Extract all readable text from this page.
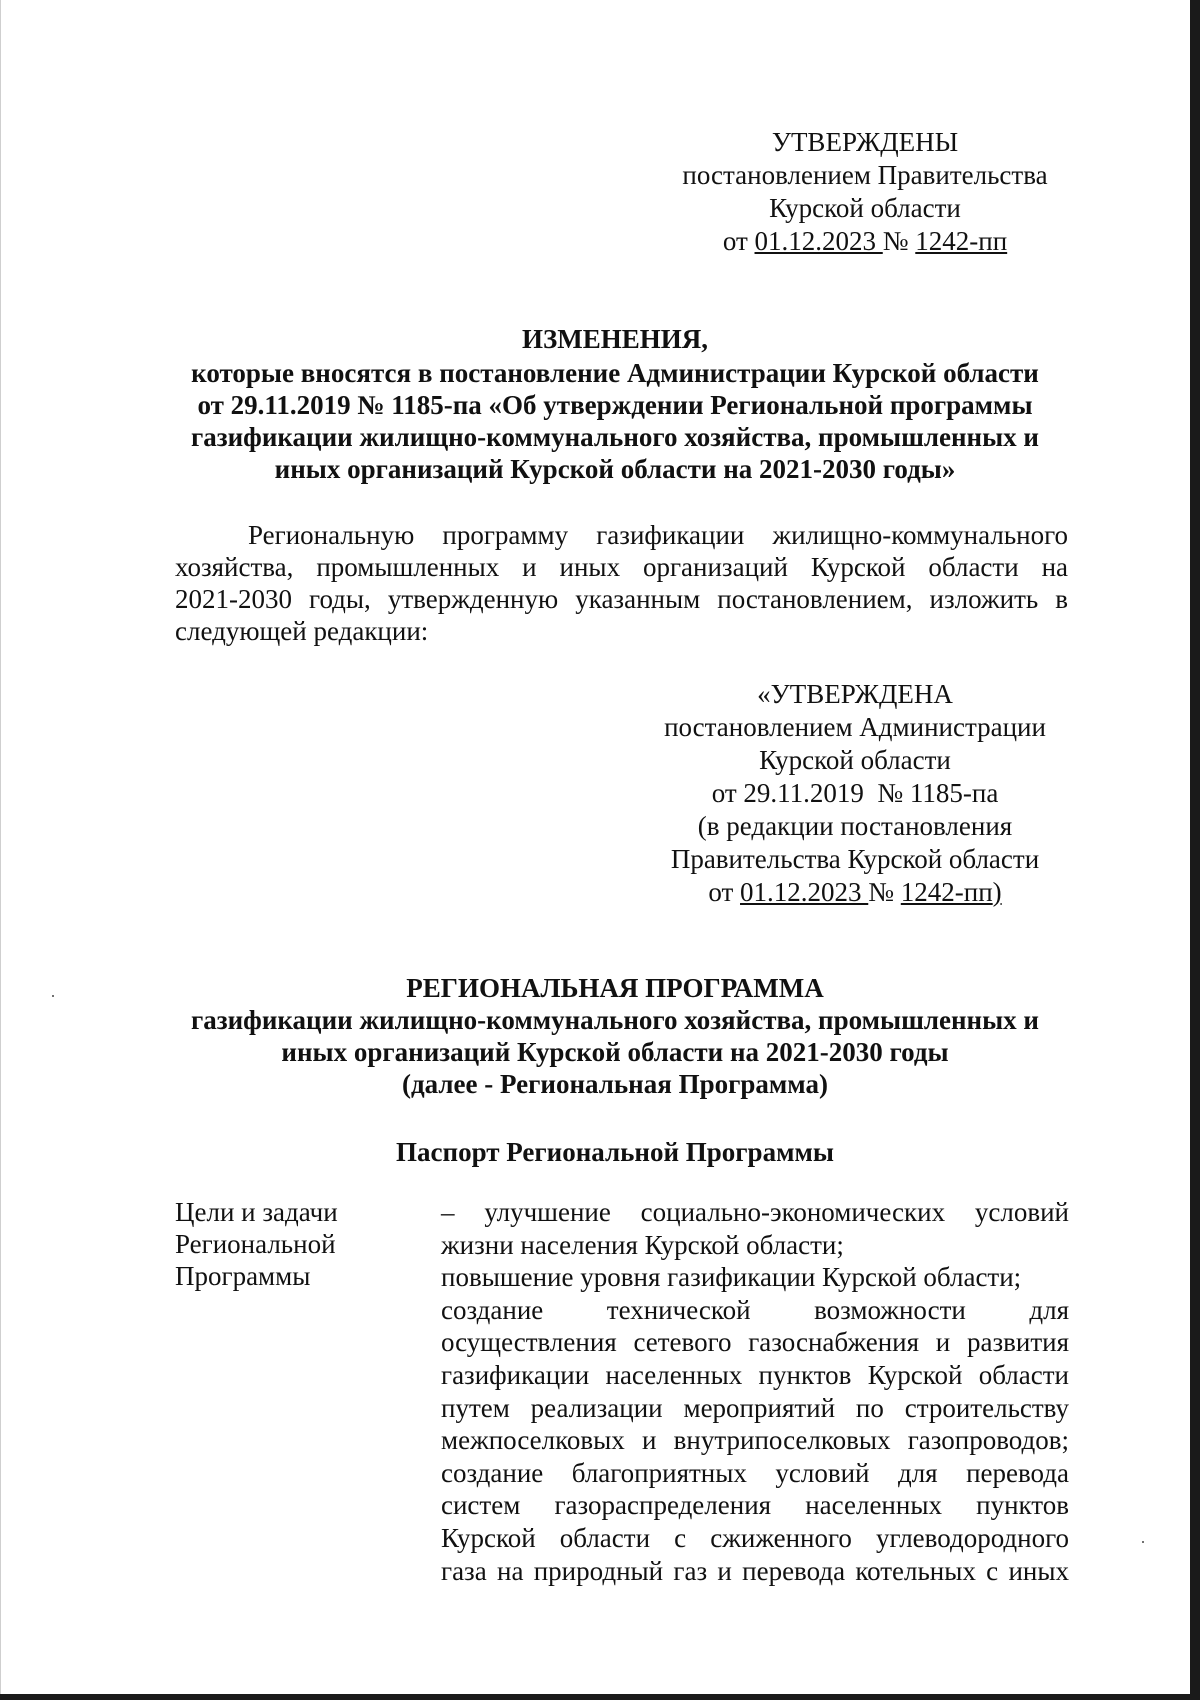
УТВЕРЖДЕНЫ
постановлением Правительства
Курской области
от 01.12.2023 № 1242-пп
ИЗМЕНЕНИЯ,
которые вносятся в постановление Администрации Курской области
от 29.11.2019 № 1185-па «Об утверждении Региональной программы
газификации жилищно-коммунального хозяйства, промышленных и
иных организаций Курской области на 2021-2030 годы»
Региональную программу газификации жилищно-коммунального
хозяйства, промышленных и иных организаций Курской области на
2021-2030 годы, утвержденную указанным постановлением, изложить в
следующей редакции:
«УТВЕРЖДЕНА
постановлением Администрации
Курской области
от 29.11.2019  № 1185-па
(в редакции постановления
Правительства Курской области
от 01.12.2023 № 1242-пп)
РЕГИОНАЛЬНАЯ ПРОГРАММА
газификации жилищно-коммунального хозяйства, промышленных и
иных организаций Курской области на 2021-2030 годы
(далее - Региональная Программа)
Паспорт Региональной Программы
Цели и задачи
Региональной
Программы
– улучшение социально-экономических условий
жизни населения Курской области;
повышение уровня газификации Курской области;
создание технической возможности для
осуществления сетевого газоснабжения и развития
газификации населенных пунктов Курской области
путем реализации мероприятий по строительству
межпоселковых и внутрипоселковых газопроводов;
создание благоприятных условий для перевода
систем газораспределения населенных пунктов
Курской области с сжиженного углеводородного
газа на природный газ и перевода котельных с иных
